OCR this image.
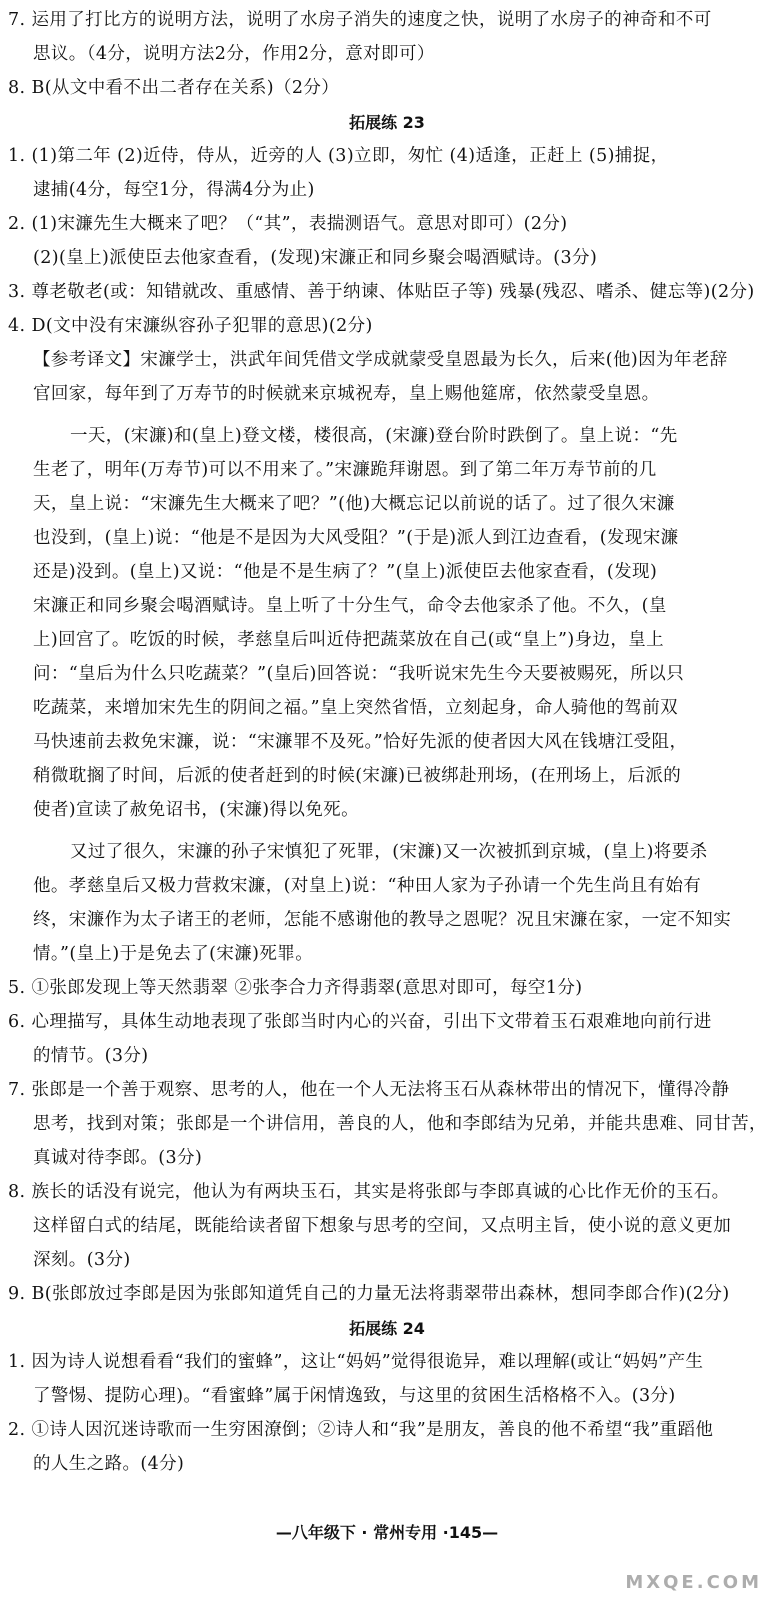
7. 运用了打比方的说明方法，说明了水房子消失的速度之快，说明了水房子的神奇和不可
思议。（4分，说明方法2分，作用2分，意对即可）
8. B(从文中看不出二者存在关系)（2分）
1. (1)第二年 (2)近侍，侍从，近旁的人 (3)立即，匆忙 (4)适逢，正赶上 (5)捕捉，
逮捕(4分，每空1分，得满4分为止)
2. (1)宋濂先生大概来了吧？（“其”，表揣测语气。意思对即可）(2分)
(2)(皇上)派使臣去他家查看，(发现)宋濂正和同乡聚会喝酒赋诗。(3分)
3. 尊老敬老(或：知错就改、重感情、善于纳谏、体贴臣子等) 残暴(残忍、嗜杀、健忘等)(2分)
4. D(文中没有宋濂纵容孙子犯罪的意思)(2分)
【参考译文】宋濂学士，洪武年间凭借文学成就蒙受皇恩最为长久，后来(他)因为年老辞
官回家，每年到了万寿节的时候就来京城祝寿，皇上赐他筵席，依然蒙受皇恩。
一天，(宋濂)和(皇上)登文楼，楼很高，(宋濂)登台阶时跌倒了。皇上说：“先
生老了，明年(万寿节)可以不用来了。”宋濂跪拜谢恩。到了第二年万寿节前的几
天，皇上说：“宋濂先生大概来了吧？”(他)大概忘记以前说的话了。过了很久宋濂
也没到，(皇上)说：“他是不是因为大风受阻？”(于是)派人到江边查看，(发现宋濂
还是)没到。(皇上)又说：“他是不是生病了？”(皇上)派使臣去他家查看，(发现)
宋濂正和同乡聚会喝酒赋诗。皇上听了十分生气，命令去他家杀了他。不久，(皇
上)回宫了。吃饭的时候，孝慈皇后叫近侍把蔬菜放在自己(或“皇上”)身边，皇上
问：“皇后为什么只吃蔬菜？”(皇后)回答说：“我听说宋先生今天要被赐死，所以只
吃蔬菜，来增加宋先生的阴间之福。”皇上突然省悟，立刻起身，命人骑他的驾前双
马快速前去救免宋濂，说：“宋濂罪不及死。”恰好先派的使者因大风在钱塘江受阻，
稍微耽搁了时间，后派的使者赶到的时候(宋濂)已被绑赴刑场，(在刑场上，后派的
使者)宣读了赦免诏书，(宋濂)得以免死。
又过了很久，宋濂的孙子宋慎犯了死罪，(宋濂)又一次被抓到京城，(皇上)将要杀
他。孝慈皇后又极力营救宋濂，(对皇上)说：“种田人家为子孙请一个先生尚且有始有
终，宋濂作为太子诸王的老师，怎能不感谢他的教导之恩呢？况且宋濂在家，一定不知实
情。”(皇上)于是免去了(宋濂)死罪。
5. ①张郎发现上等天然翡翠 ②张李合力齐得翡翠(意思对即可，每空1分)
6. 心理描写，具体生动地表现了张郎当时内心的兴奋，引出下文带着玉石艰难地向前行进
的情节。(3分)
7. 张郎是一个善于观察、思考的人，他在一个人无法将玉石从森林带出的情况下，懂得冷静
思考，找到对策；张郎是一个讲信用，善良的人，他和李郎结为兄弟，并能共患难、同甘苦，
真诚对待李郎。(3分)
8. 族长的话没有说完，他认为有两块玉石，其实是将张郎与李郎真诚的心比作无价的玉石。
这样留白式的结尾，既能给读者留下想象与思考的空间，又点明主旨，使小说的意义更加
深刻。(3分)
9. B(张郎放过李郎是因为张郎知道凭自己的力量无法将翡翠带出森林，想同李郎合作)(2分)
1. 因为诗人说想看看“我们的蜜蜂”，这让“妈妈”觉得很诡异，难以理解(或让“妈妈”产生
了警惕、提防心理)。“看蜜蜂”属于闲情逸致，与这里的贫困生活格格不入。(3分)
2. ①诗人因沉迷诗歌而一生穷困潦倒；②诗人和“我”是朋友，善良的他不希望“我”重蹈他
的人生之路。(4分)
拓展练 23
拓展练 24
—八年级下 · 常州专用 ·145—
MXQE.COM
